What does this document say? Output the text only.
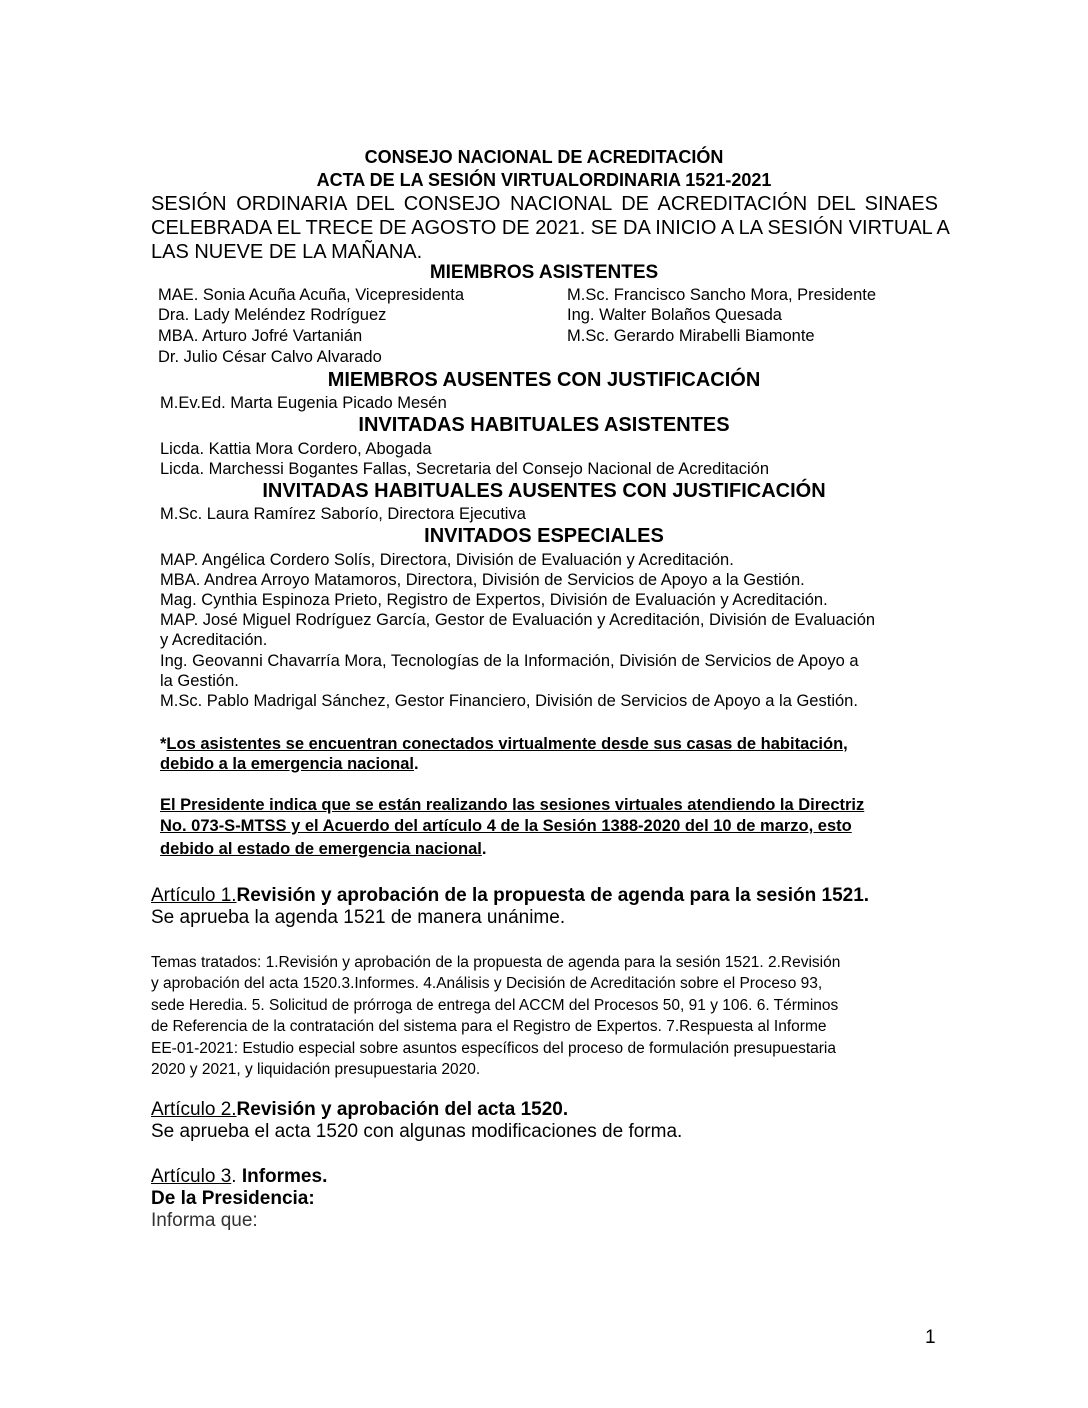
CONSEJO NACIONAL DE ACREDITACIÓN
ACTA DE LA SESIÓN VIRTUALORDINARIA 1521-2021
SESIÓN ORDINARIA DEL CONSEJO NACIONAL DE ACREDITACIÓN DEL SINAES
CELEBRADA EL TRECE DE AGOSTO DE 2021. SE DA INICIO A LA SESIÓN VIRTUAL A
LAS NUEVE DE LA MAÑANA.
MIEMBROS ASISTENTES
MAE. Sonia Acuña Acuña, Vicepresidenta
Dra. Lady Meléndez Rodríguez
MBA. Arturo Jofré Vartanián
Dr. Julio César Calvo Alvarado
M.Sc. Francisco Sancho Mora, Presidente
Ing. Walter Bolaños Quesada
M.Sc. Gerardo Mirabelli Biamonte
MIEMBROS AUSENTES CON JUSTIFICACIÓN
M.Ev.Ed. Marta Eugenia Picado Mesén
INVITADAS HABITUALES ASISTENTES
Licda. Kattia Mora Cordero, Abogada
Licda. Marchessi Bogantes Fallas, Secretaria del Consejo Nacional de Acreditación
INVITADAS HABITUALES AUSENTES CON JUSTIFICACIÓN
M.Sc. Laura Ramírez Saborío, Directora Ejecutiva
INVITADOS ESPECIALES
MAP. Angélica Cordero Solís, Directora, División de Evaluación y Acreditación.
MBA. Andrea Arroyo Matamoros, Directora, División de Servicios de Apoyo a la Gestión.
Mag. Cynthia Espinoza Prieto, Registro de Expertos, División de Evaluación y Acreditación.
MAP. José Miguel Rodríguez García, Gestor de Evaluación y Acreditación, División de Evaluación
y Acreditación.
Ing. Geovanni Chavarría Mora, Tecnologías de la Información, División de Servicios de Apoyo a
la Gestión.
M.Sc. Pablo Madrigal Sánchez, Gestor Financiero, División de Servicios de Apoyo a la Gestión.
*Los asistentes se encuentran conectados virtualmente desde sus casas de habitación,
debido a la emergencia nacional.
El Presidente indica que se están realizando las sesiones virtuales atendiendo la Directriz
No. 073-S-MTSS y el Acuerdo del artículo 4 de la Sesión 1388-2020 del 10 de marzo, esto
debido al estado de emergencia nacional.
Artículo 1.Revisión y aprobación de la propuesta de agenda para la sesión 1521.
Se aprueba la agenda 1521 de manera unánime.
Temas tratados: 1.Revisión y aprobación de la propuesta de agenda para la sesión 1521. 2.Revisión
y aprobación del acta 1520.3.Informes. 4.Análisis y Decisión de Acreditación sobre el Proceso 93,
sede Heredia. 5. Solicitud de prórroga de entrega del ACCM del Procesos 50, 91 y 106. 6. Términos
de Referencia de la contratación del sistema para el Registro de Expertos. 7.Respuesta al Informe
EE-01-2021: Estudio especial sobre asuntos específicos del proceso de formulación presupuestaria
2020 y 2021, y liquidación presupuestaria 2020.
Artículo 2.Revisión y aprobación del acta 1520.
Se aprueba el acta 1520 con algunas modificaciones de forma.
Artículo 3. Informes.
De la Presidencia:
Informa que:
1
